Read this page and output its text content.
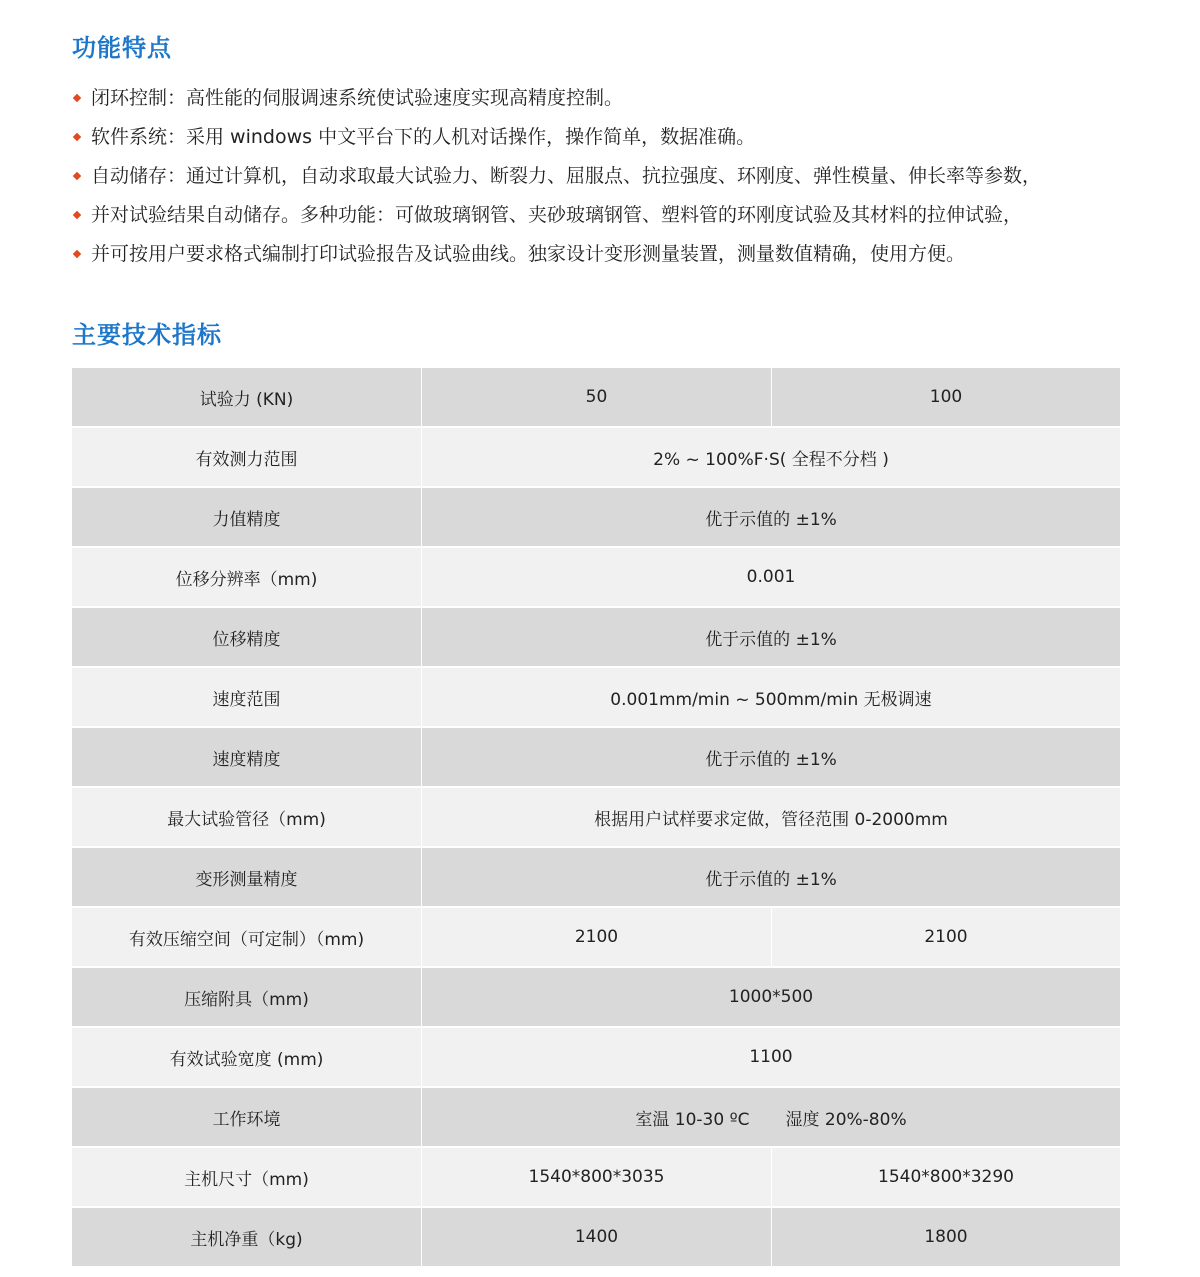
功能特点
闭环控制：高性能的伺服调速系统使试验速度实现高精度控制。
软件系统：采用 windows 中文平台下的人机对话操作，操作简单，数据准确。
自动储存：通过计算机，自动求取最大试验力、断裂力、屈服点、抗拉强度、环刚度、弹性模量、伸长率等参数，
并对试验结果自动储存。多种功能：可做玻璃钢管、夹砂玻璃钢管、塑料管的环刚度试验及其材料的拉伸试验，
并可按用户要求格式编制打印试验报告及试验曲线。独家设计变形测量装置，测量数值精确，使用方便。
主要技术指标
试验力 (KN)	50	100
有效测力范围	2% ~ 100%F·S( 全程不分档 )	
力值精度	优于示值的 ±1%	
位移分辨率（mm)	0.001	
位移精度	优于示值的 ±1%	
速度范围	0.001mm/min ~ 500mm/min 无极调速	
速度精度	优于示值的 ±1%	
最大试验管径（mm)	根据用户试样要求定做，管径范围 0-2000mm	
变形测量精度	优于示值的 ±1%	
有效压缩空间（可定制）（mm)	2100	2100
压缩附具（mm)	1000*500	
有效试验宽度 (mm)	1100	
工作环境	室温 10-30 ºC 湿度 20%-80%	
主机尺寸（mm)	1540*800*3035	1540*800*3290
主机净重（kg)	1400	1800
